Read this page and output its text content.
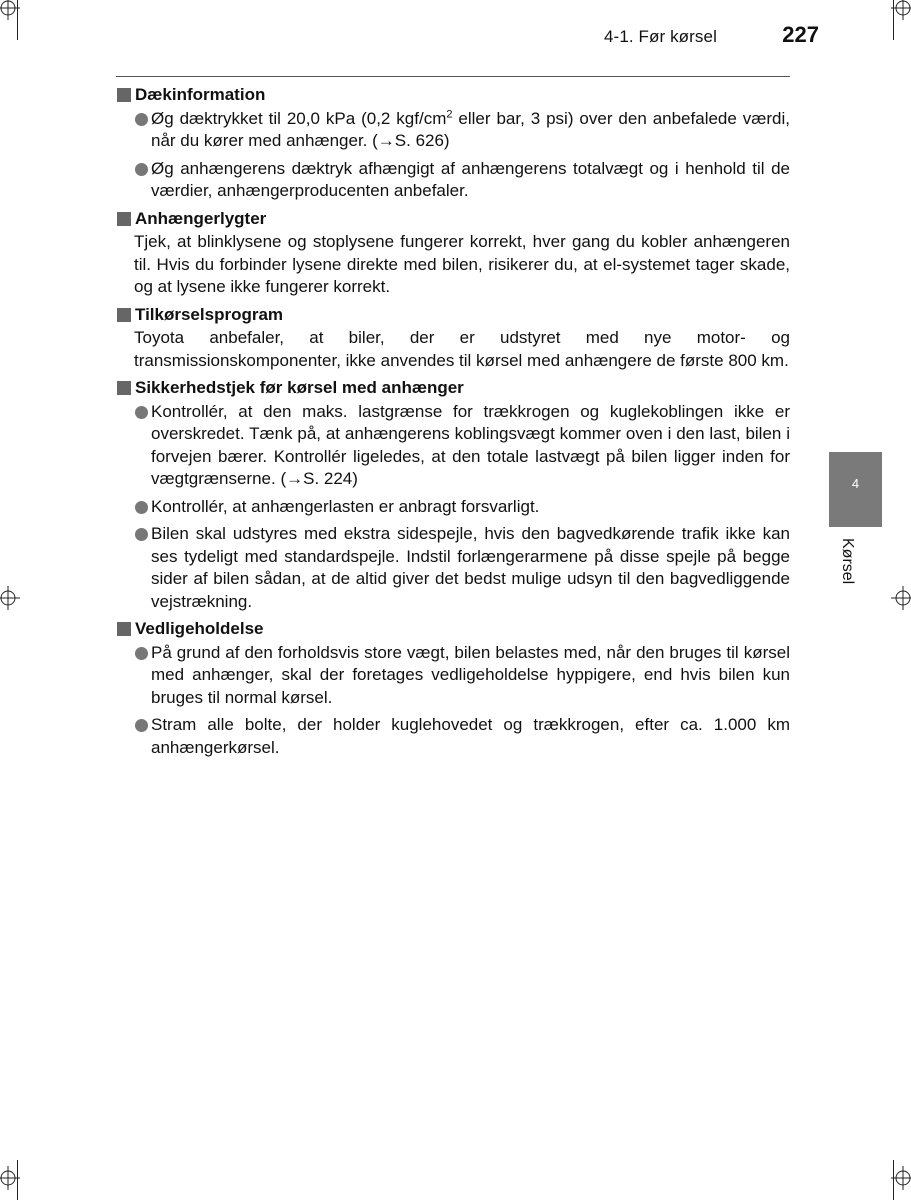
4-1. Før kørsel	227
4
Kørsel
Dækinformation
Øg dæktrykket til 20,0 kPa (0,2 kgf/$cm^2$ eller bar, 3 psi) over den anbefalede værdi, når du kører med anhænger. (→S. 626)
Øg anhængerens dæktryk afhængigt af anhængerens totalvægt og i henhold til de værdier, anhængerproducenten anbefaler.
Anhængerlygter
Tjek, at blinklysene og stoplysene fungerer korrekt, hver gang du kobler anhængeren til. Hvis du forbinder lysene direkte med bilen, risikerer du, at el-systemet tager skade, og at lysene ikke fungerer korrekt.
Tilkørselsprogram
Toyota anbefaler, at biler, der er udstyret med nye motor- og transmissionskomponenter, ikke anvendes til kørsel med anhængere de første 800 km.
Sikkerhedstjek før kørsel med anhænger
Kontrollér, at den maks. lastgrænse for trækkrogen og kuglekoblingen ikke er overskredet. Tænk på, at anhængerens koblingsvægt kommer oven i den last, bilen i forvejen bærer. Kontrollér ligeledes, at den totale lastvægt på bilen ligger inden for vægtgrænserne. (→S. 224)
Kontrollér, at anhængerlasten er anbragt forsvarligt.
Bilen skal udstyres med ekstra sidespejle, hvis den bagvedkørende trafik ikke kan ses tydeligt med standardspejle. Indstil forlængerarmene på disse spejle på begge sider af bilen sådan, at de altid giver det bedst mulige udsyn til den bagvedliggende vejstrækning.
Vedligeholdelse
På grund af den forholdsvis store vægt, bilen belastes med, når den bruges til kørsel med anhænger, skal der foretages vedligeholdelse hyppigere, end hvis bilen kun bruges til normal kørsel.
Stram alle bolte, der holder kuglehovedet og trækkrogen, efter ca. 1.000 km anhængerkørsel.
